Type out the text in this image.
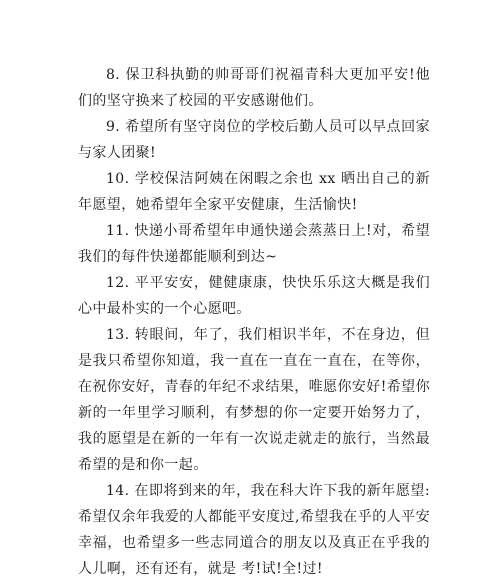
8. 保卫科执勤的帅哥哥们祝福青科大更加平安!他们的坚守换来了校园的平安感谢他们。

9. 希望所有坚守岗位的学校后勤人员可以早点回家与家人团聚!

10. 学校保洁阿姨在闲暇之余也 xx 晒出自己的新年愿望，她希望年全家平安健康，生活愉快!

11. 快递小哥希望年申通快递会蒸蒸日上!对，希望我们的每件快递都能顺利到达~

12. 平平安安，健健康康，快快乐乐这大概是我们心中最朴实的一个心愿吧。

13. 转眼间，年了，我们相识半年，不在身边，但是我只希望你知道，我一直在一直在一直在，在等你，在祝你安好，青春的年纪不求结果，唯愿你安好!希望你新的一年里学习顺利，有梦想的你一定要开始努力了，我的愿望是在新的一年有一次说走就走的旅行，当然最希望的是和你一起。

14. 在即将到来的年，我在科大许下我的新年愿望:希望仅余年我爱的人都能平安度过,希望我在乎的人平安幸福，也希望多一些志同道合的朋友以及真正在乎我的人儿啊，还有还有，就是 考!试!全!过!
